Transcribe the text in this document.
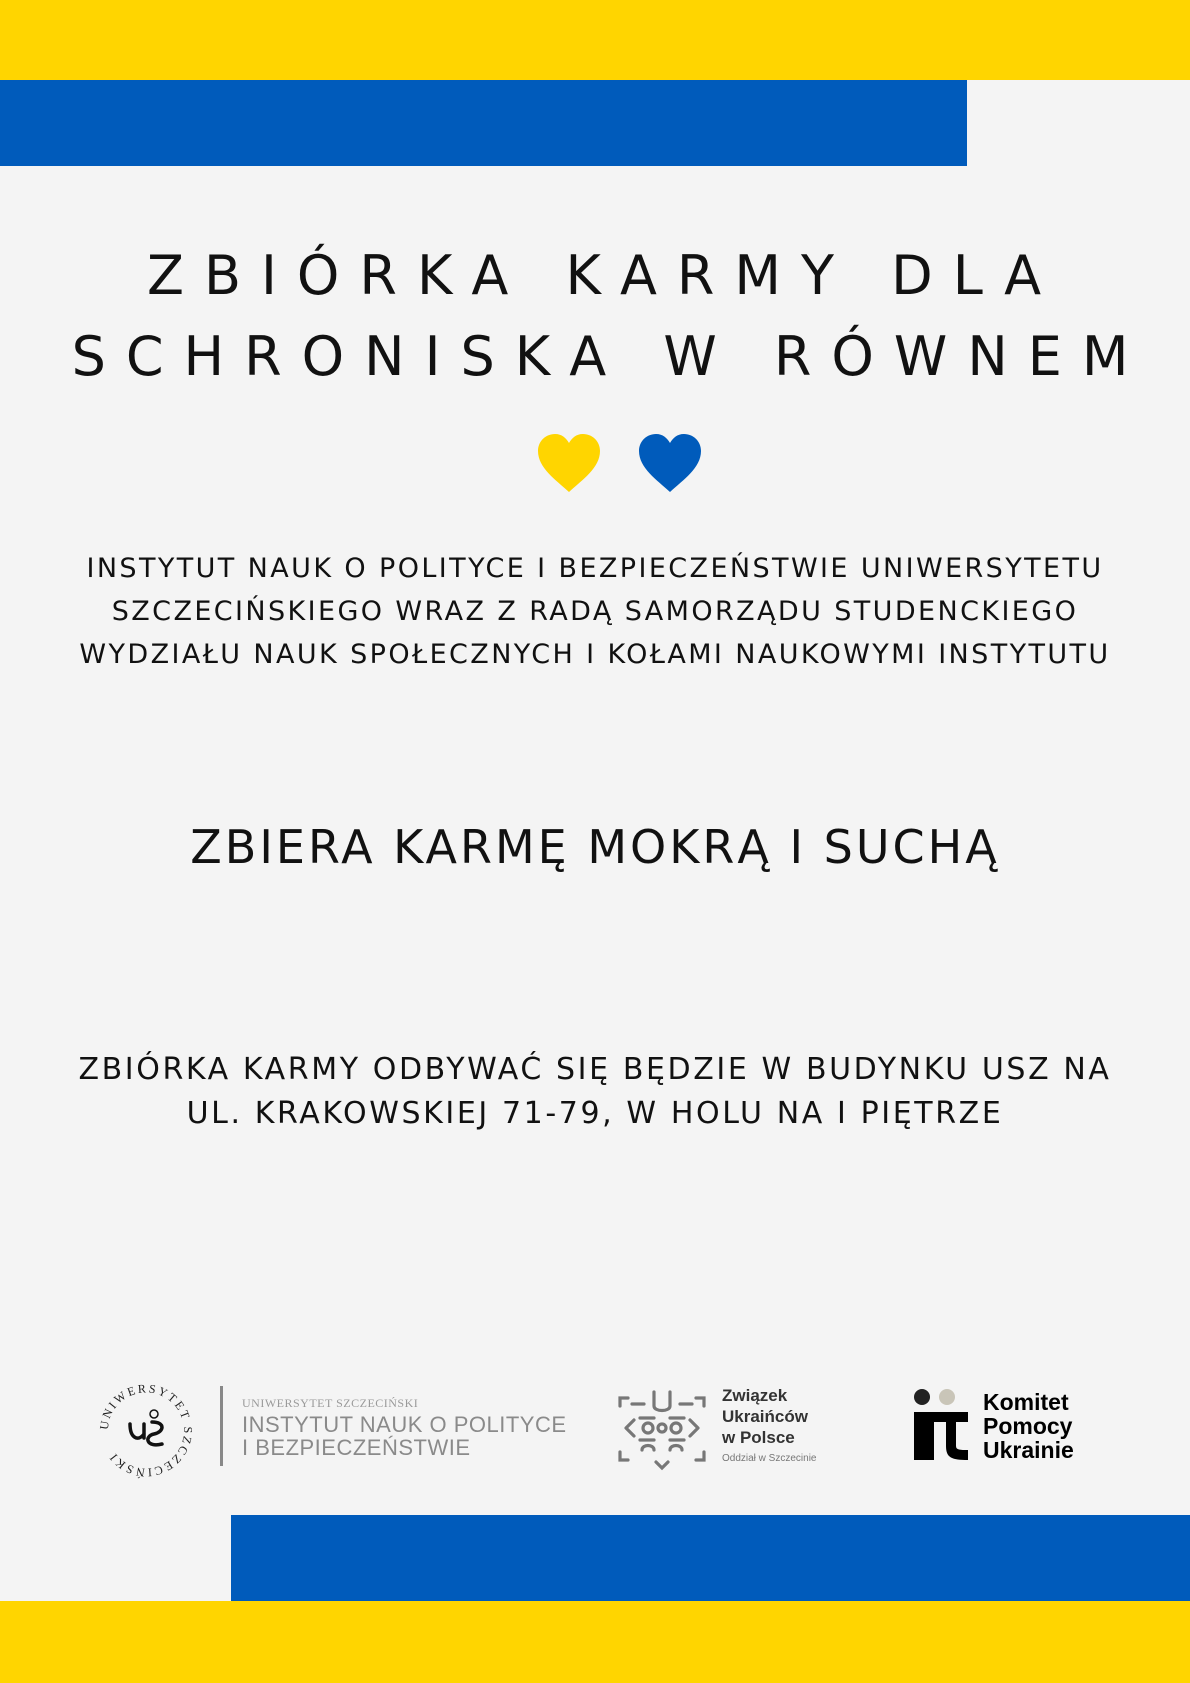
ZBIÓRKA KARMY DLA
SCHRONISKA W RÓWNEM
INSTYTUT NAUK O POLITYCE I BEZPIECZEŃSTWIE UNIWERSYTETU
SZCZECIŃSKIEGO WRAZ Z RADĄ SAMORZĄDU STUDENCKIEGO
WYDZIAŁU NAUK SPOŁECZNYCH I KOŁAMI NAUKOWYMI INSTYTUTU
ZBIERA KARMĘ MOKRĄ I SUCHĄ
ZBIÓRKA KARMY ODBYWAĆ SIĘ BĘDZIE W BUDYNKU USZ NA
UL. KRAKOWSKIEJ 71-79, W HOLU NA I PIĘTRZE
UNIWERSYTET SZCZECIŃSKI
UNIWERSYTET SZCZECIŃSKI
INSTYTUT NAUK O POLITYCE
I BEZPIECZEŃSTWIE
Związek
Ukraińców
w Polsce
Oddział w Szczecinie
Komitet
Pomocy
Ukrainie
